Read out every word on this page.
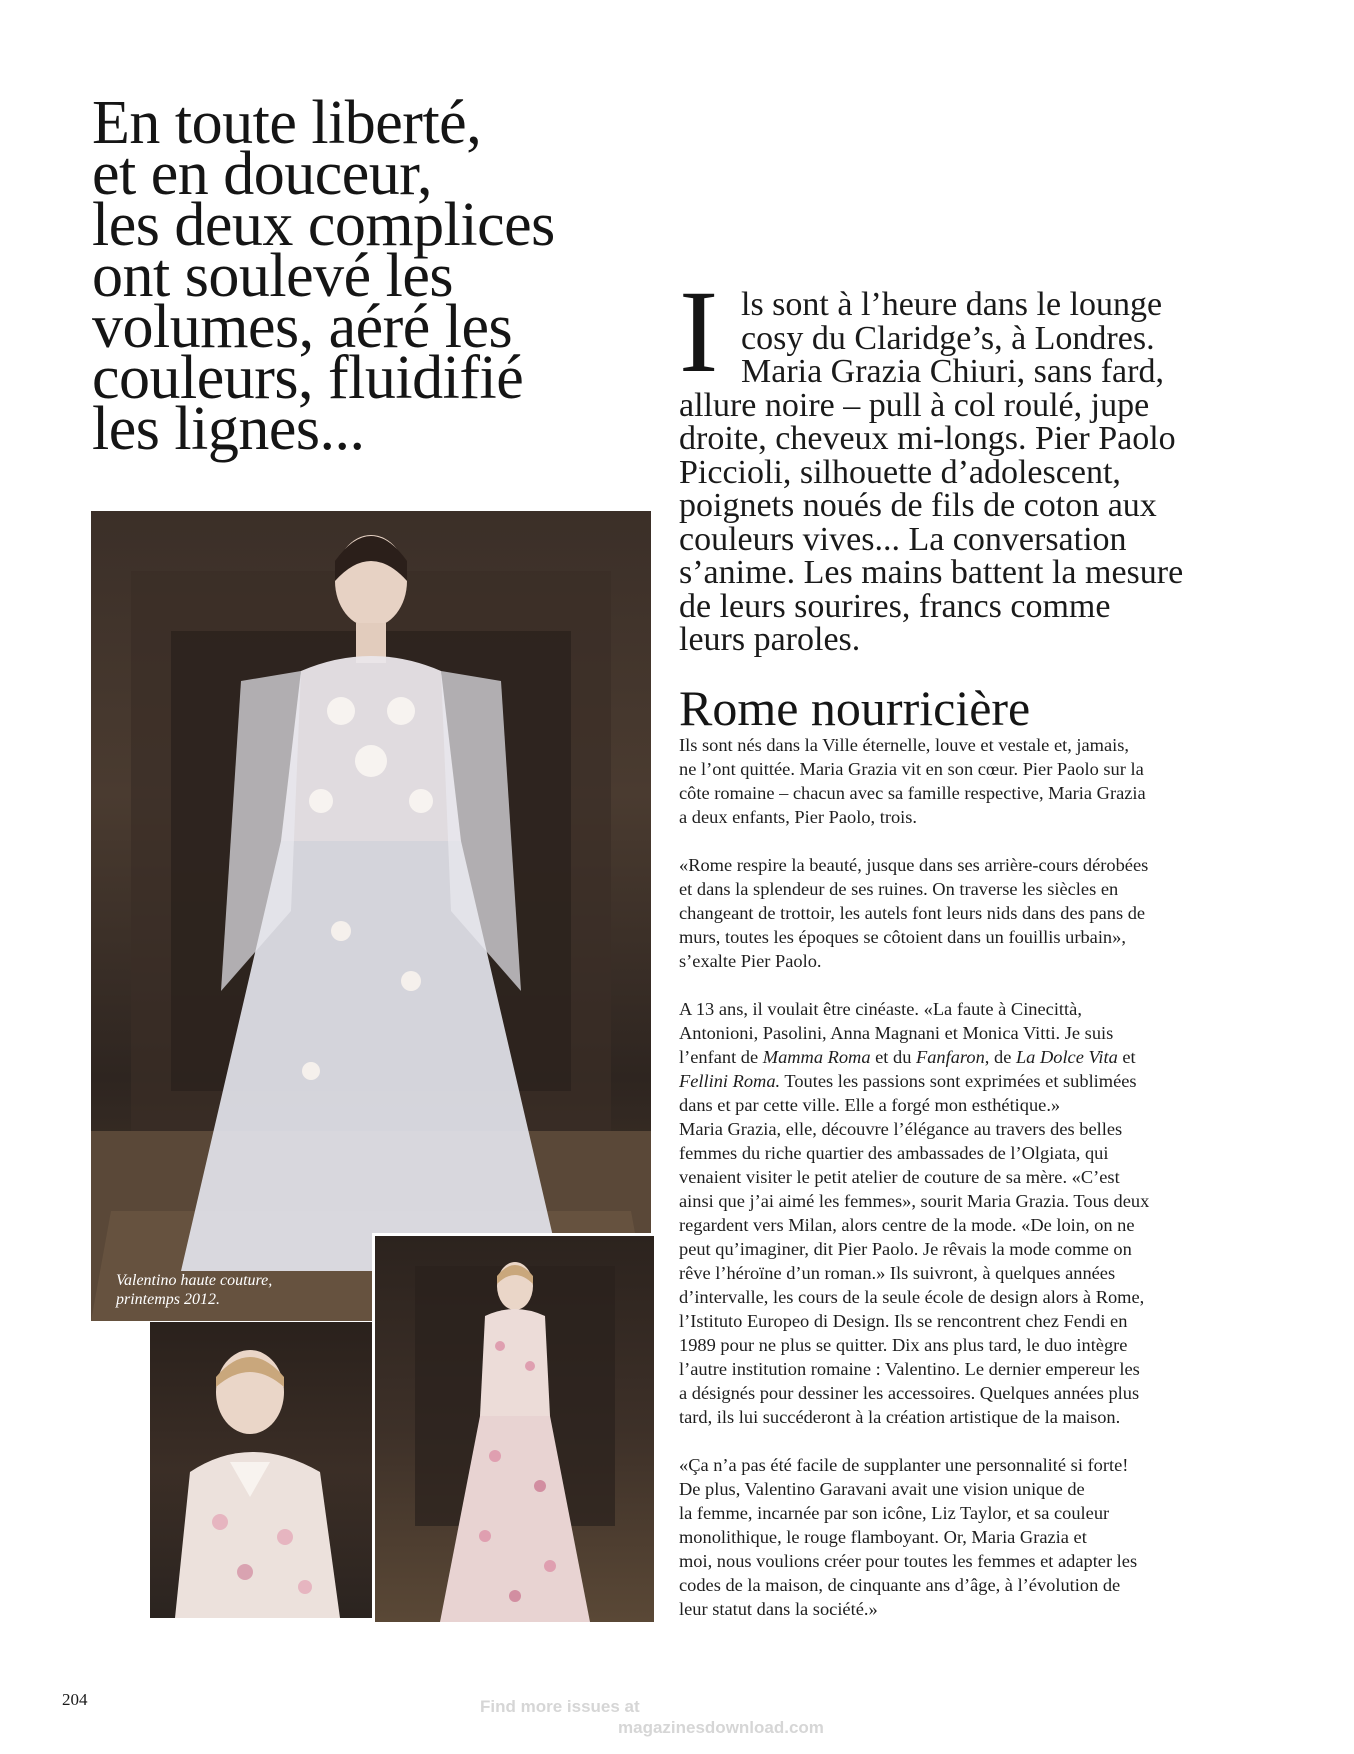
En toute liberté,
et en douceur,
les deux complices
ont soulevé les
volumes, aéré les
couleurs, fluidifié
les lignes...
I ls sont à l’heure dans le lounge
cosy du Claridge’s, à Londres.
Maria Grazia Chiuri, sans fard,
allure noire – pull à col roulé, jupe
droite, cheveux mi-longs. Pier Paolo
Piccioli, silhouette d’adolescent,
poignets noués de fils de coton aux
couleurs vives... La conversation
s’anime. Les mains battent la mesure
de leurs sourires, francs comme
leurs paroles.

Rome nourricière

Ils sont nés dans la Ville éternelle, louve et vestale et, jamais,
ne l’ont quittée. Maria Grazia vit en son cœur. Pier Paolo sur la
côte romaine – chacun avec sa famille respective, Maria Grazia
a deux enfants, Pier Paolo, trois.

«Rome respire la beauté, jusque dans ses arrière-cours dérobées
et dans la splendeur de ses ruines. On traverse les siècles en
changeant de trottoir, les autels font leurs nids dans des pans de
murs, toutes les époques se côtoient dans un fouillis urbain»,
s’exalte Pier Paolo.

A 13 ans, il voulait être cinéaste. «La faute à Cinecittà,
Antonioni, Pasolini, Anna Magnani et Monica Vitti. Je suis
l’enfant de Mamma Roma et du Fanfaron, de La Dolce Vita et
Fellini Roma. Toutes les passions sont exprimées et sublimées
dans et par cette ville. Elle a forgé mon esthétique.»

Maria Grazia, elle, découvre l’élégance au travers des belles
femmes du riche quartier des ambassades de l’Olgiata, qui
venaient visiter le petit atelier de couture de sa mère. «C’est
ainsi que j’ai aimé les femmes», sourit Maria Grazia. Tous deux
regardent vers Milan, alors centre de la mode. «De loin, on ne
peut qu’imaginer, dit Pier Paolo. Je rêvais la mode comme on
rêve l’héroïne d’un roman.» Ils suivront, à quelques années
d’intervalle, les cours de la seule école de design alors à Rome,
l’Istituto Europeo di Design. Ils se rencontrent chez Fendi en
1989 pour ne plus se quitter. Dix ans plus tard, le duo intègre
l’autre institution romaine : Valentino. Le dernier empereur les
a désignés pour dessiner les accessoires. Quelques années plus
tard, ils lui succéderont à la création artistique de la maison.

«Ça n’a pas été facile de supplanter une personnalité si forte!
De plus, Valentino Garavani avait une vision unique de
la femme, incarnée par son icône, Liz Taylor, et sa couleur
monolithique, le rouge flamboyant. Or, Maria Grazia et
moi, nous voulions créer pour toutes les femmes et adapter les
codes de la maison, de cinquante ans d’âge, à l’évolution de
leur statut dans la société.»

Valentino haute couture,
printemps 2012.
204	Find more issues at
magazinesdownload.com
